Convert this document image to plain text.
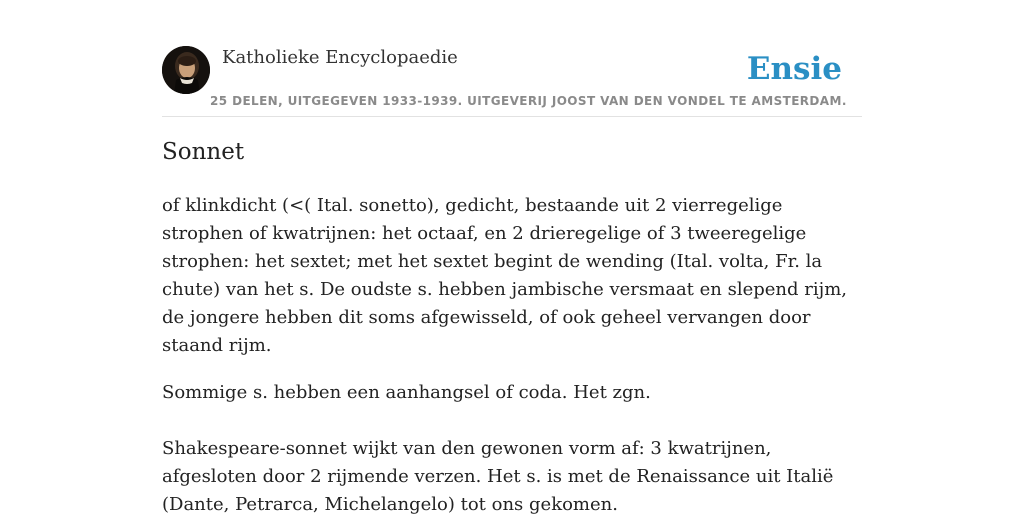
Katholieke Encyclopaedie	Ensie
25 DELEN, UITGEGEVEN 1933-1939. UITGEVERIJ JOOST VAN DEN VONDEL TE AMSTERDAM.
Sonnet

of klinkdicht (<( Ital. sonetto), gedicht, bestaande uit 2 vierregelige strophen of kwatrijnen: het octaaf, en 2 drieregelige of 3 tweeregelige strophen: het sextet; met het sextet begint de wending (Ital. volta, Fr. la chute) van het s. De oudste s. hebben jambische versmaat en slepend rijm, de jongere hebben dit soms afgewisseld, of ook geheel vervangen door staand rijm.

Sommige s. hebben een aanhangsel of coda. Het zgn.

Shakespeare-sonnet wijkt van den gewonen vorm af: 3 kwatrijnen, afgesloten door 2 rijmende verzen. Het s. is met de Renaissance uit Italië (Dante, Petrarca, Michelangelo) tot ons gekomen.
